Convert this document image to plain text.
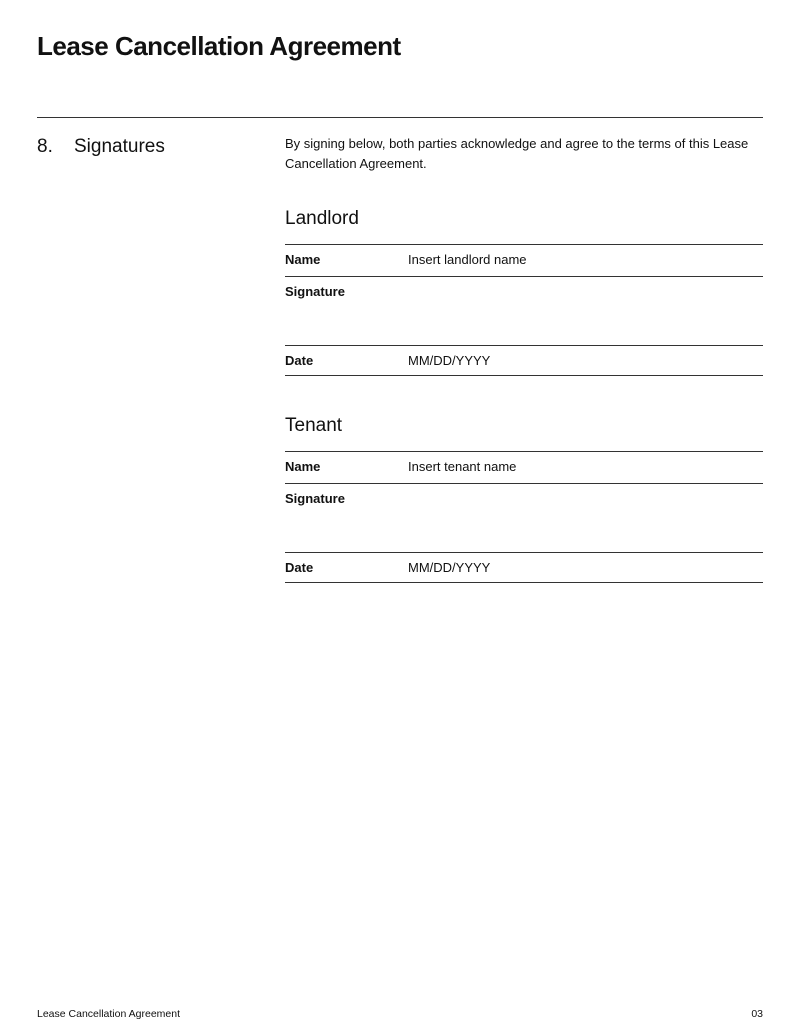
Lease Cancellation Agreement
8. Signatures	By signing below, both parties acknowledge and agree to the terms of this Lease Cancellation Agreement.
Landlord
Name	Insert landlord name
Signature
Date	MM/DD/YYYY
Tenant
Name	Insert tenant name
Signature
Date	MM/DD/YYYY
Lease Cancellation Agreement	03
